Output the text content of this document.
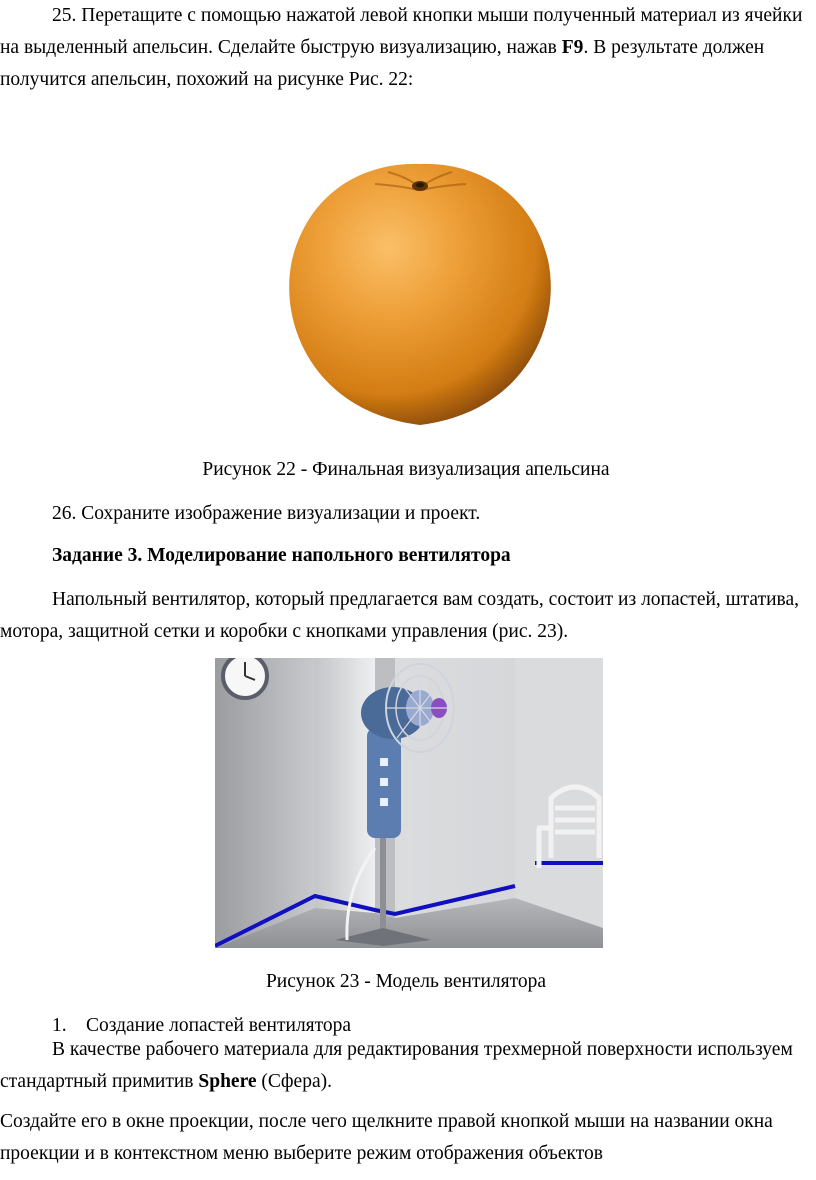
25. Перетащите с помощью нажатой левой кнопки мыши полученный материал из ячейки на выделенный апельсин. Сделайте быструю визуализацию, нажав F9. В результате должен получится апельсин, похожий на рисунке Рис. 22:

Рисунок 22 - Финальная визуализация апельсина

26. Сохраните изображение визуализации и проект.

Задание 3. Моделирование напольного вентилятора

Напольный вентилятор, который предлагается вам создать, состоит из лопастей, штатива, мотора, защитной сетки и коробки с кнопками управления (рис. 23).

Рисунок 23 - Модель вентилятора

1. Создание лопастей вентилятора

В качестве рабочего материала для редактирования трехмерной поверхности используем стандартный примитив Sphere (Сфера).

Создайте его в окне проекции, после чего щелкните правой кнопкой мыши на названии окна проекции и в контекстном меню выберите режим отображения объектов
